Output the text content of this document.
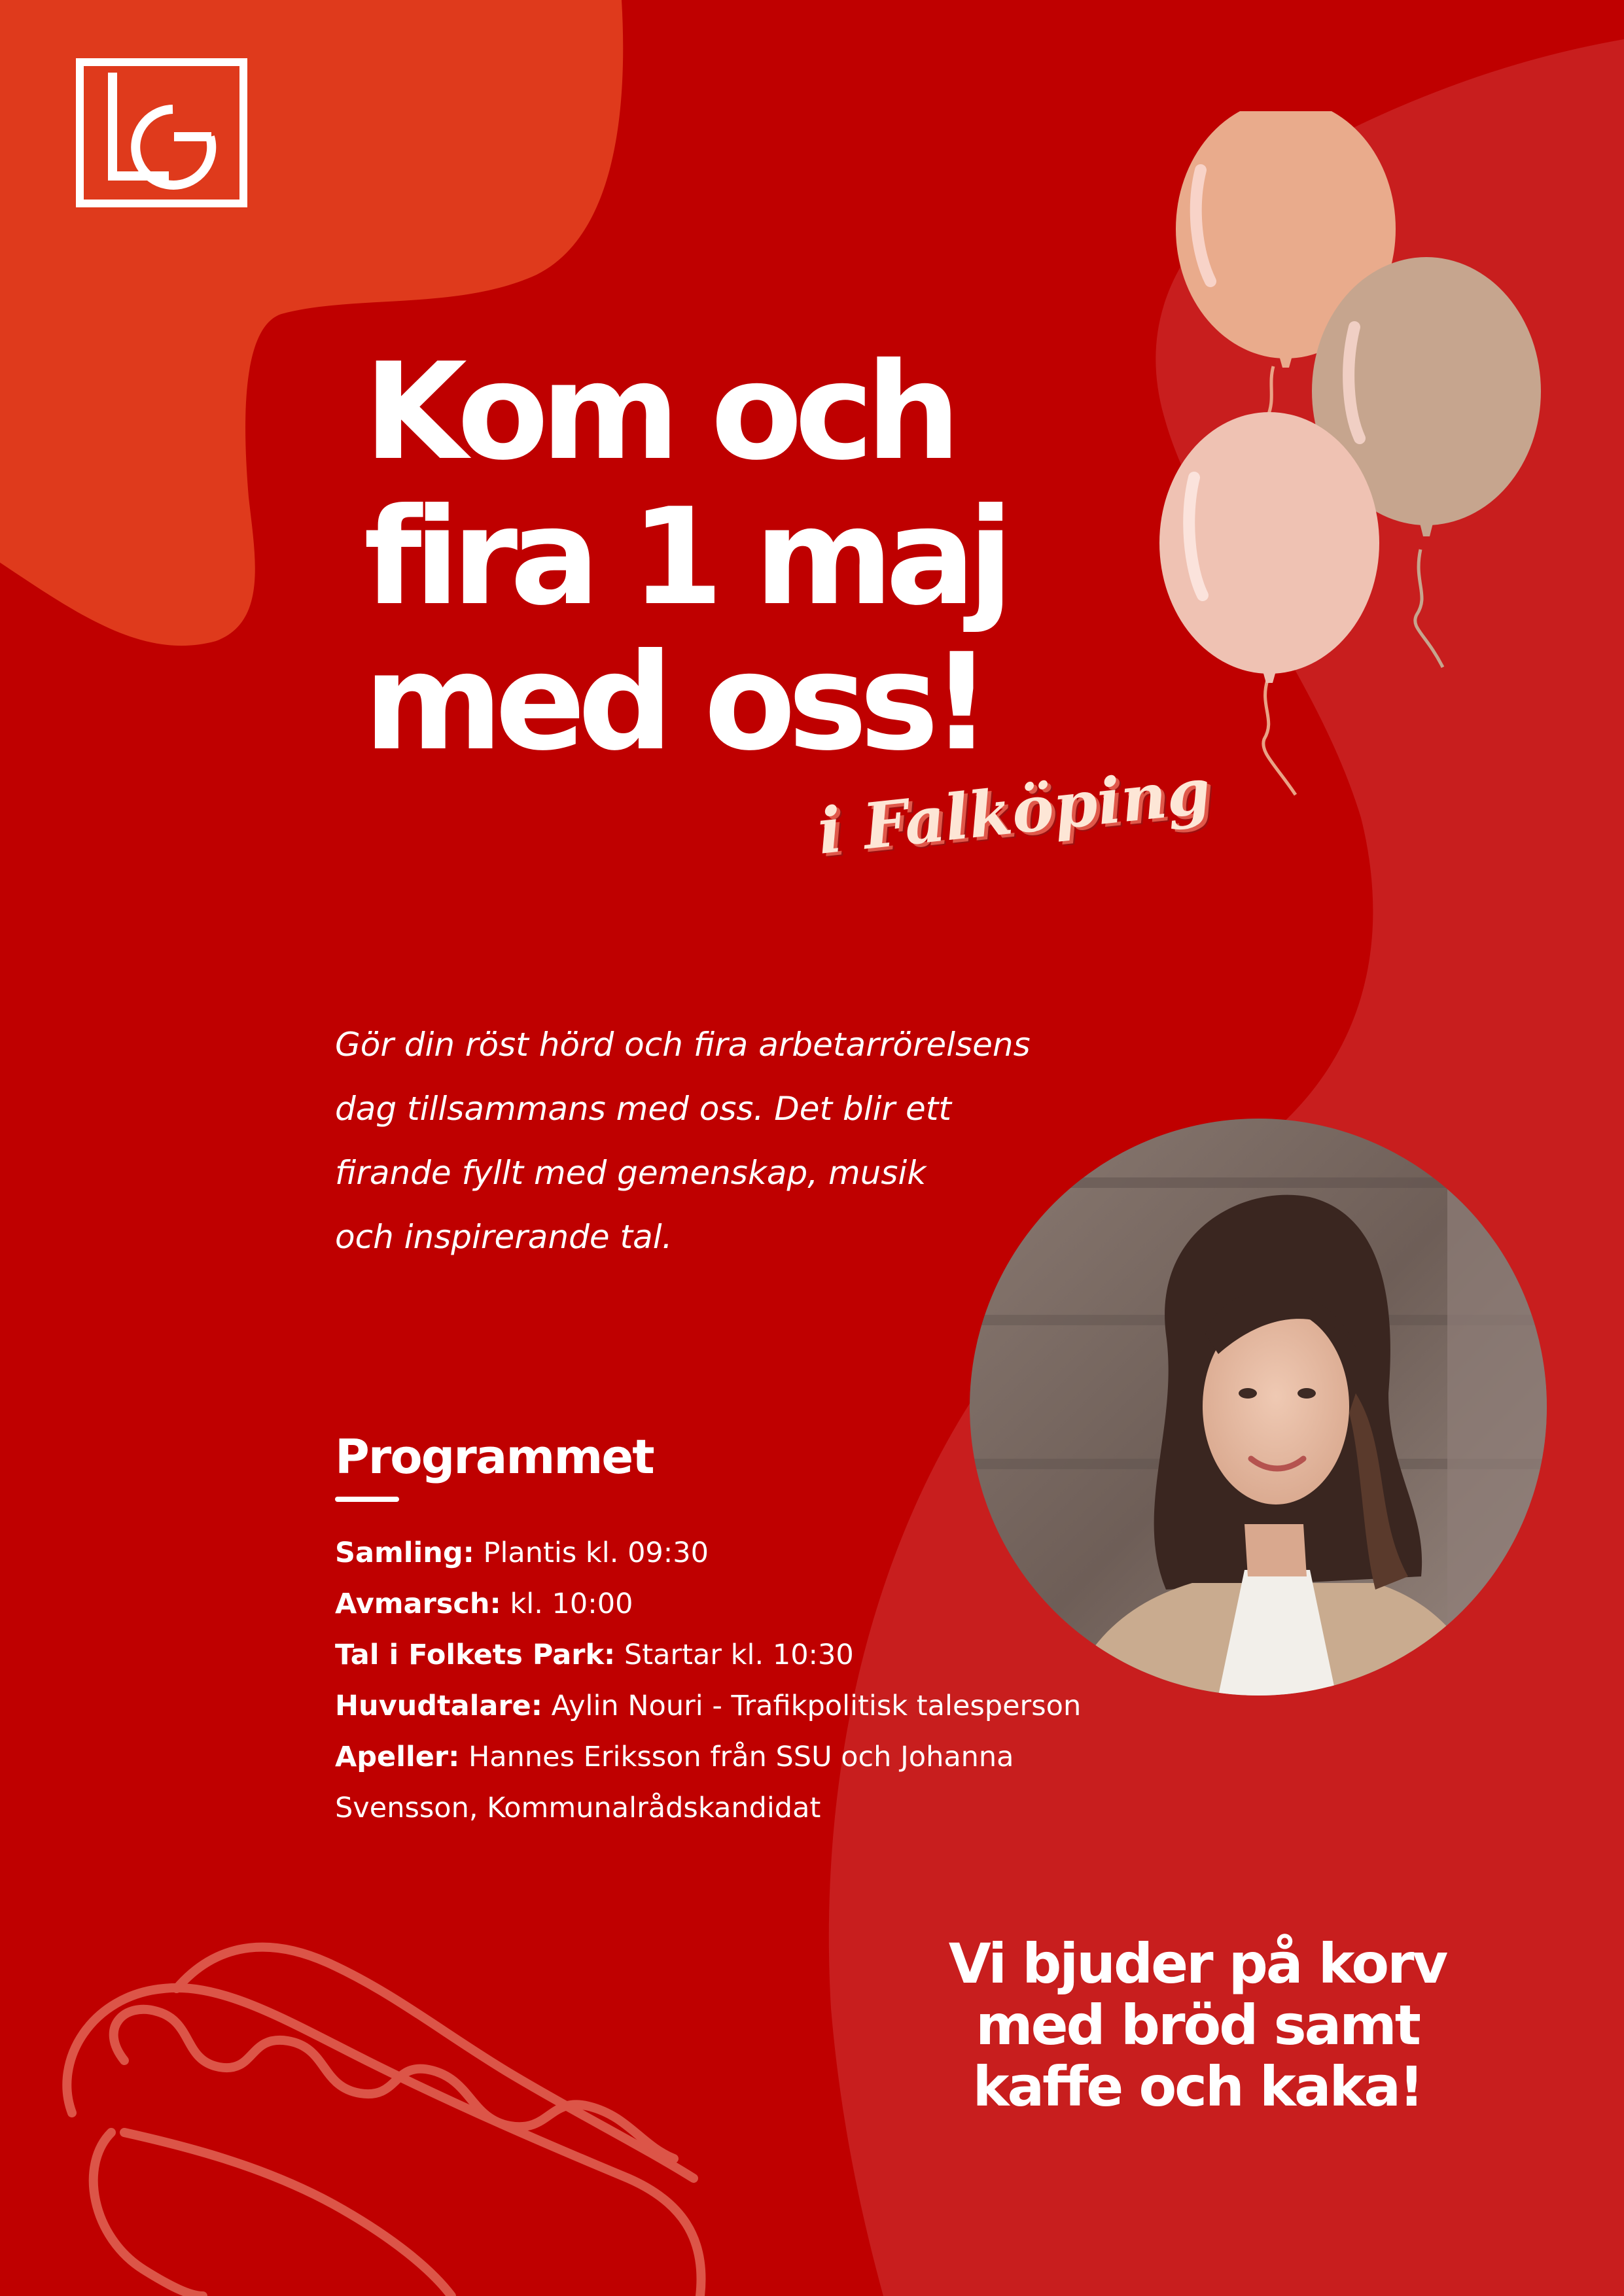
Kom och
fira 1 maj
med oss!
i Falköping

Gör din röst hörd och fira arbetarrörelsens
dag tillsammans med oss. Det blir ett
firande fyllt med gemenskap, musik
och inspirerande tal.

Programmet
Samling: Plantis kl. 09:30
Avmarsch: kl. 10:00
Tal i Folkets Park: Startar kl. 10:30
Huvudtalare: Aylin Nouri - Trafikpolitisk talesperson
Apeller: Hannes Eriksson från SSU och Johanna
Svensson, Kommunalrådskandidat

Vi bjuder på korv
med bröd samt
kaffe och kaka!
